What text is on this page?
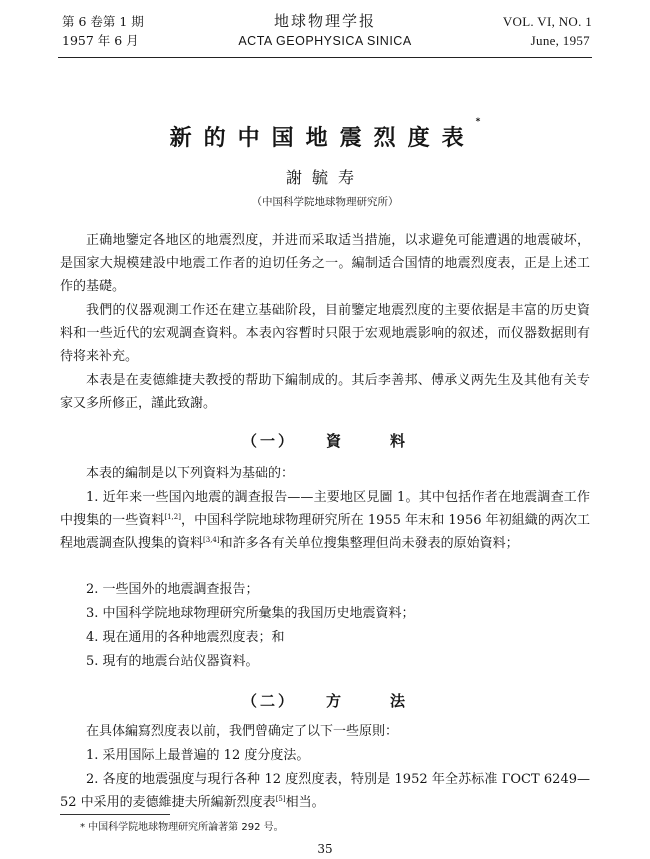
第 6 卷第 1 期
1957 年 6 月
地球物理学报
ACTA GEOPHYSICA SINICA
VOL. VI, NO. 1
June, 1957
新的中国地震烈度表*
謝毓寿
（中国科学院地球物理研究所）

正确地鑒定各地区的地震烈度，并进而采取适当措施，以求避免可能遭遇的地震破坏，是国家大規模建設中地震工作者的迫切任务之一。編制适合国情的地震烈度表，正是上述工作的基礎。

我們的仪器观測工作还在建立基础阶段，目前鑒定地震烈度的主要依据是丰富的历史資料和一些近代的宏观調查資料。本表內容暫时只限于宏观地震影响的叙述，而仪器数据則有待将来补充。

本表是在麦德維捷夫教授的帮助下編制成的。其后李善邦、傅承义两先生及其他有关专家又多所修正，謹此致謝。

（一） 資	料

本表的編制是以下列資料为基础的：

1. 近年来一些国內地震的調查报告——主要地区見圖 1。其中包括作者在地震調查工作中搜集的一些資料[1,2]，中国科学院地球物理研究所在 1955 年末和 1956 年初組織的两次工程地震調查队搜集的資料[3,4]和許多各有关单位搜集整理但尚未發表的原始資料；

2. 一些国外的地震調查报告；

3. 中国科学院地球物理研究所彙集的我国历史地震資料；

4. 現在通用的各种地震烈度表；和

5. 現有的地震台站仪器資料。

（二） 方	法

在具体編寫烈度表以前，我們曾确定了以下一些原則：

1. 采用国际上最普遍的 12 度分度法。

2. 各度的地震强度与現行各种 12 度烈度表，特別是 1952 年全苏标准 ГОСТ 6249—52 中采用的麦德維捷夫所編新烈度表[5]相当。

* 中国科学院地球物理研究所論著第 292 号。
35
